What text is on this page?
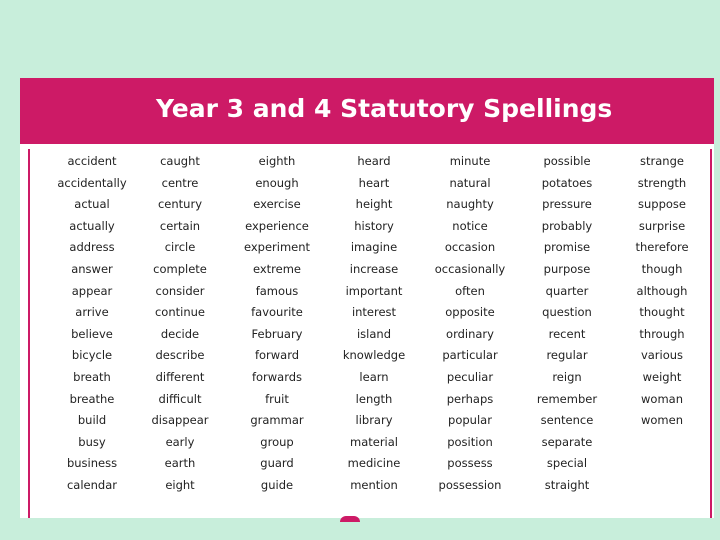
Year 3 and 4 Statutory Spellings
accident
accidentally
actual
actually
address
answer
appear
arrive
believe
bicycle
breath
breathe
build
busy
business
calendar
caught
centre
century
certain
circle
complete
consider
continue
decide
describe
different
difficult
disappear
early
earth
eight
eighth
enough
exercise
experience
experiment
extreme
famous
favourite
February
forward
forwards
fruit
grammar
group
guard
guide
heard
heart
height
history
imagine
increase
important
interest
island
knowledge
learn
length
library
material
medicine
mention
minute
natural
naughty
notice
occasion
occasionally
often
opposite
ordinary
particular
peculiar
perhaps
popular
position
possess
possession
possible
potatoes
pressure
probably
promise
purpose
quarter
question
recent
regular
reign
remember
sentence
separate
special
straight
strange
strength
suppose
surprise
therefore
though
although
thought
through
various
weight
woman
women
